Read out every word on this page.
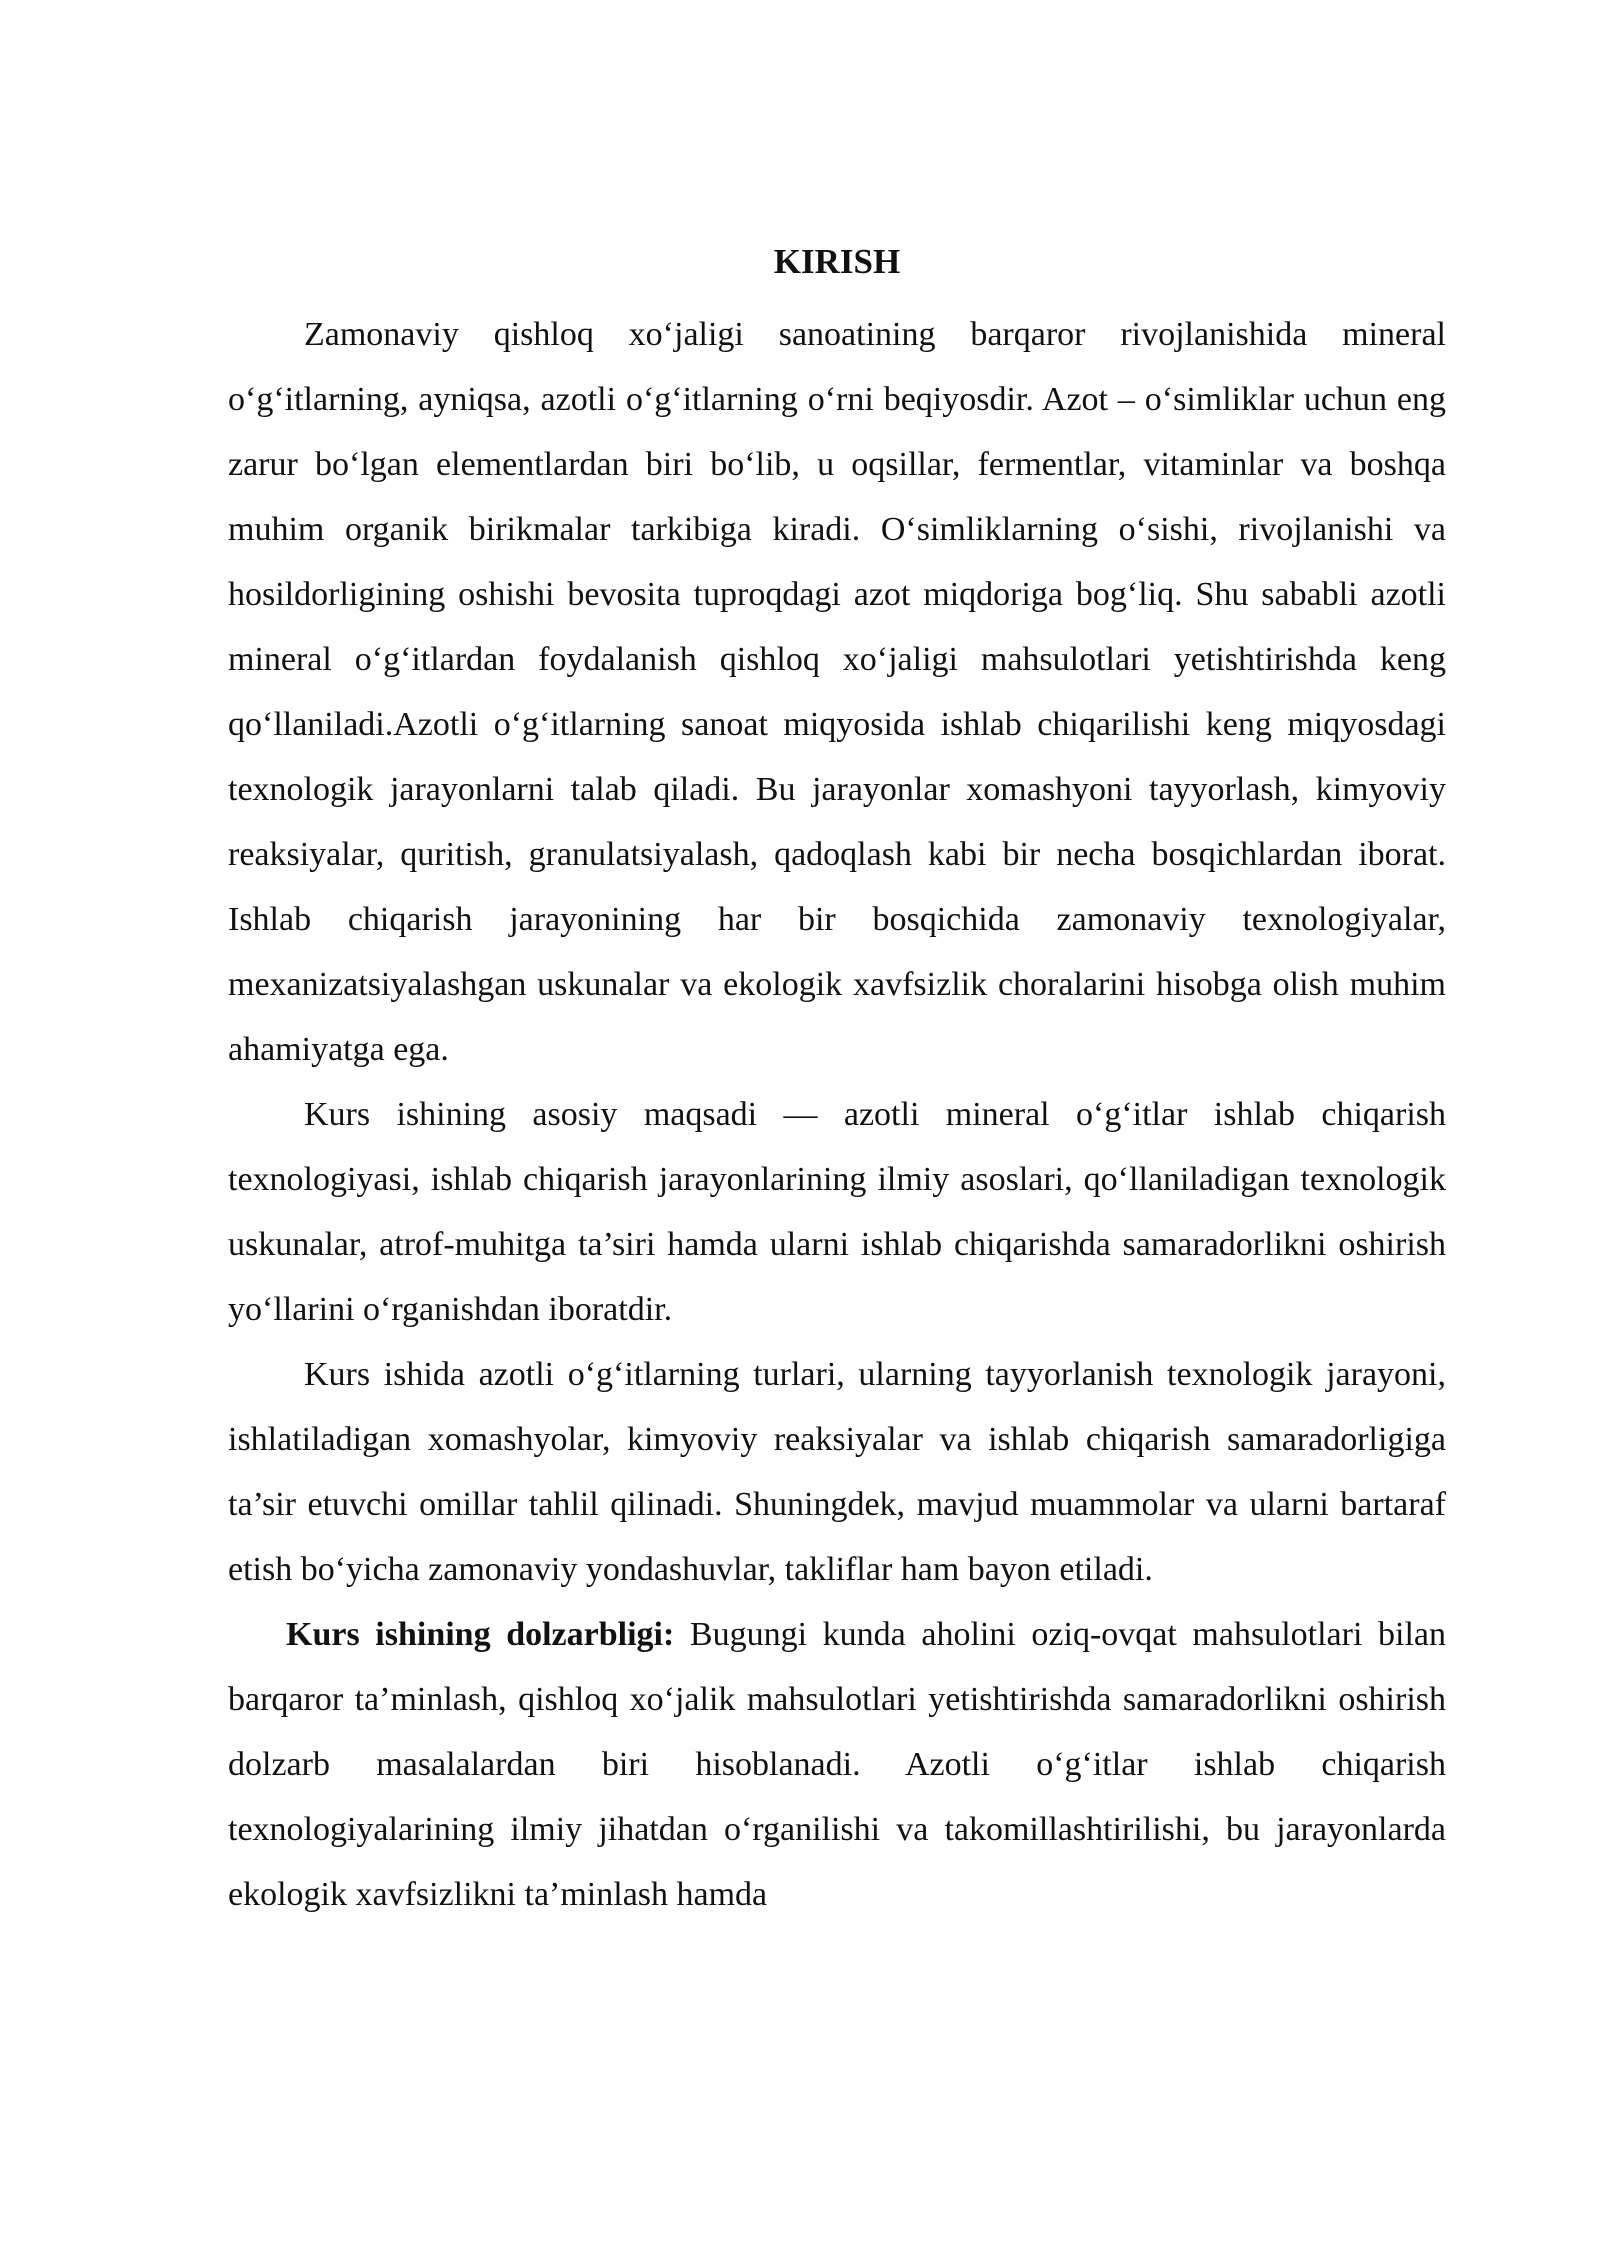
KIRISH

Zamonaviy qishloq xo‘jaligi sanoatining barqaror rivojlanishida mineral o‘g‘itlarning, ayniqsa, azotli o‘g‘itlarning o‘rni beqiyosdir. Azot – o‘simliklar uchun eng zarur bo‘lgan elementlardan biri bo‘lib, u oqsillar, fermentlar, vitaminlar va boshqa muhim organik birikmalar tarkibiga kiradi. O‘simliklarning o‘sishi, rivojlanishi va hosildorligining oshishi bevosita tuproqdagi azot miqdoriga bog‘liq. Shu sababli azotli mineral o‘g‘itlardan foydalanish qishloq xo‘jaligi mahsulotlari yetishtirishda keng qo‘llaniladi.Azotli o‘g‘itlarning sanoat miqyosida ishlab chiqarilishi keng miqyosdagi texnologik jarayonlarni talab qiladi. Bu jarayonlar xomashyoni tayyorlash, kimyoviy reaksiyalar, quritish, granulatsiyalash, qadoqlash kabi bir necha bosqichlardan iborat. Ishlab chiqarish jarayonining har bir bosqichida zamonaviy texnologiyalar, mexanizatsiyalashgan uskunalar va ekologik xavfsizlik choralarini hisobga olish muhim ahamiyatga ega.

Kurs ishining asosiy maqsadi — azotli mineral o‘g‘itlar ishlab chiqarish texnologiyasi, ishlab chiqarish jarayonlarining ilmiy asoslari, qo‘llaniladigan texnologik uskunalar, atrof-muhitga ta’siri hamda ularni ishlab chiqarishda samaradorlikni oshirish yo‘llarini o‘rganishdan iboratdir.

Kurs ishida azotli o‘g‘itlarning turlari, ularning tayyorlanish texnologik jarayoni, ishlatiladigan xomashyolar, kimyoviy reaksiyalar va ishlab chiqarish samaradorligiga ta’sir etuvchi omillar tahlil qilinadi. Shuningdek, mavjud muammolar va ularni bartaraf etish bo‘yicha zamonaviy yondashuvlar, takliflar ham bayon etiladi.

Kurs ishining dolzarbligi: Bugungi kunda aholini oziq-ovqat mahsulotlari bilan barqaror ta’minlash, qishloq xo‘jalik mahsulotlari yetishtirishda samaradorlikni oshirish dolzarb masalalardan biri hisoblanadi. Azotli o‘g‘itlar ishlab chiqarish texnologiyalarining ilmiy jihatdan o‘rganilishi va takomillashtirilishi, bu jarayonlarda ekologik xavfsizlikni ta’minlash hamda
